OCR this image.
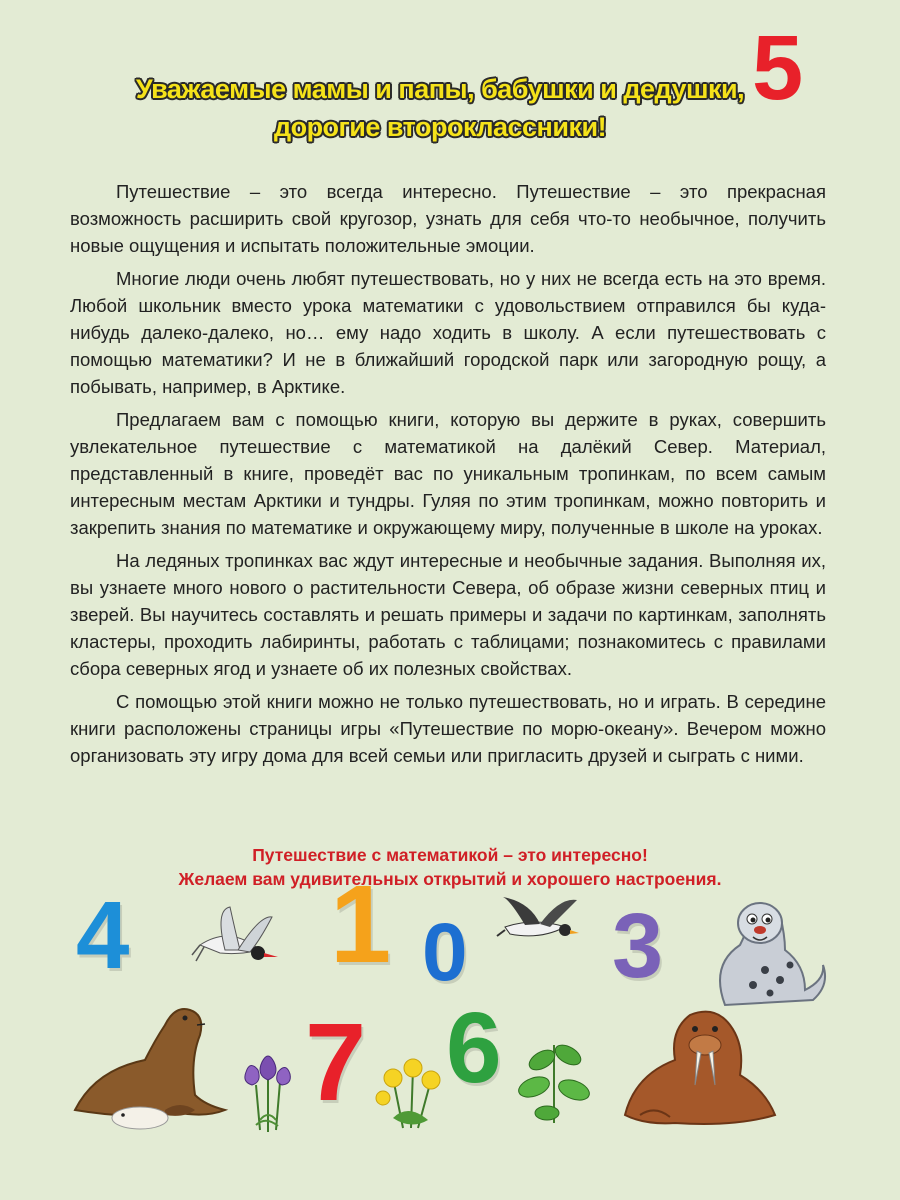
Уважаемые мамы и папы, бабушки и дедушки,
дорогие второклассники!
5

Путешествие – это всегда интересно. Путешествие – это прекрасная возможность расширить свой кругозор, узнать для себя что-то необычное, получить новые ощущения и испытать положительные эмоции.

Многие люди очень любят путешествовать, но у них не всегда есть на это время. Любой школьник вместо урока математики с удовольствием отправился бы куда-нибудь далеко-далеко, но… ему надо ходить в школу. А если путешествовать с помощью математики? И не в ближайший городской парк или загородную рощу, а побывать, например, в Арктике.

Предлагаем вам с помощью книги, которую вы держите в руках, совершить увлекательное путешествие с математикой на далёкий Север. Материал, представленный в книге, проведёт вас по уникальным тропинкам, по всем самым интересным местам Арктики и тундры. Гуляя по этим тропинкам, можно повторить и закрепить знания по математике и окружающему миру, полученные в школе на уроках.

На ледяных тропинках вас ждут интересные и необычные задания. Выполняя их, вы узнаете много нового о растительности Севера, об образе жизни северных птиц и зверей. Вы научитесь составлять и решать примеры и задачи по картинкам, заполнять кластеры, проходить лабиринты, работать с таблицами; познакомитесь с правилами сбора северных ягод и узнаете об их полезных свойствах.

С помощью этой книги можно не только путешествовать, но и играть. В середине книги расположены страницы игры «Путешествие по морю-океану». Вечером можно организовать эту игру дома для всей семьи или пригласить друзей и сыграть с ними.

Путешествие с математикой – это интересно!
Желаем вам удивительных открытий и хорошего настроения.
4 1 0 3
7 6
